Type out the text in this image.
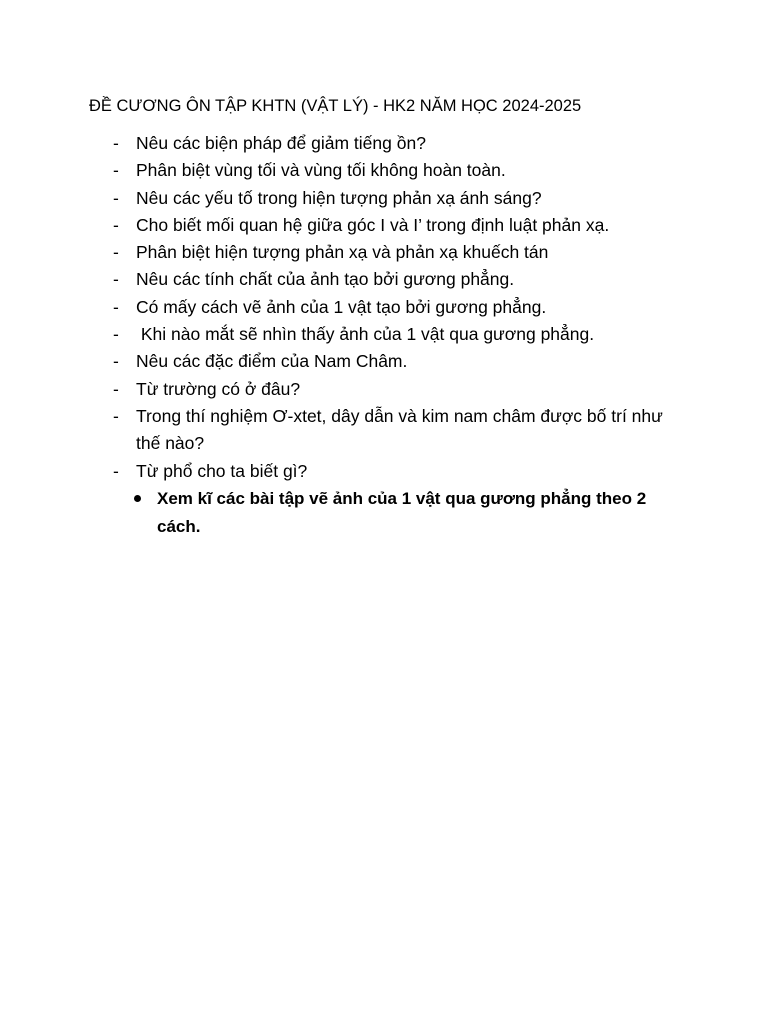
ĐỀ CƯƠNG ÔN TẬP KHTN (VẬT LÝ) - HK2 NĂM HỌC 2024-2025
- Nêu các biện pháp để giảm tiếng ồn?
- Phân biệt vùng tối và vùng tối không hoàn toàn.
- Nêu các yếu tố trong hiện tượng phản xạ ánh sáng?
- Cho biết mối quan hệ giữa góc I và I’ trong định luật phản xạ.
- Phân biệt hiện tượng phản xạ và phản xạ khuếch tán
- Nêu các tính chất của ảnh tạo bởi gương phẳng.
- Có mấy cách vẽ ảnh của 1 vật tạo bởi gương phẳng.
- Khi nào mắt sẽ nhìn thấy ảnh của 1 vật qua gương phẳng.
- Nêu các đặc điểm của Nam Châm.
- Từ trường có ở đâu?
- Trong thí nghiệm Ơ-xtet, dây dẫn và kim nam châm được bố trí như thế nào?
- Từ phổ cho ta biết gì?
Xem kĩ các bài tập vẽ ảnh của 1 vật qua gương phẳng theo 2 cách.
